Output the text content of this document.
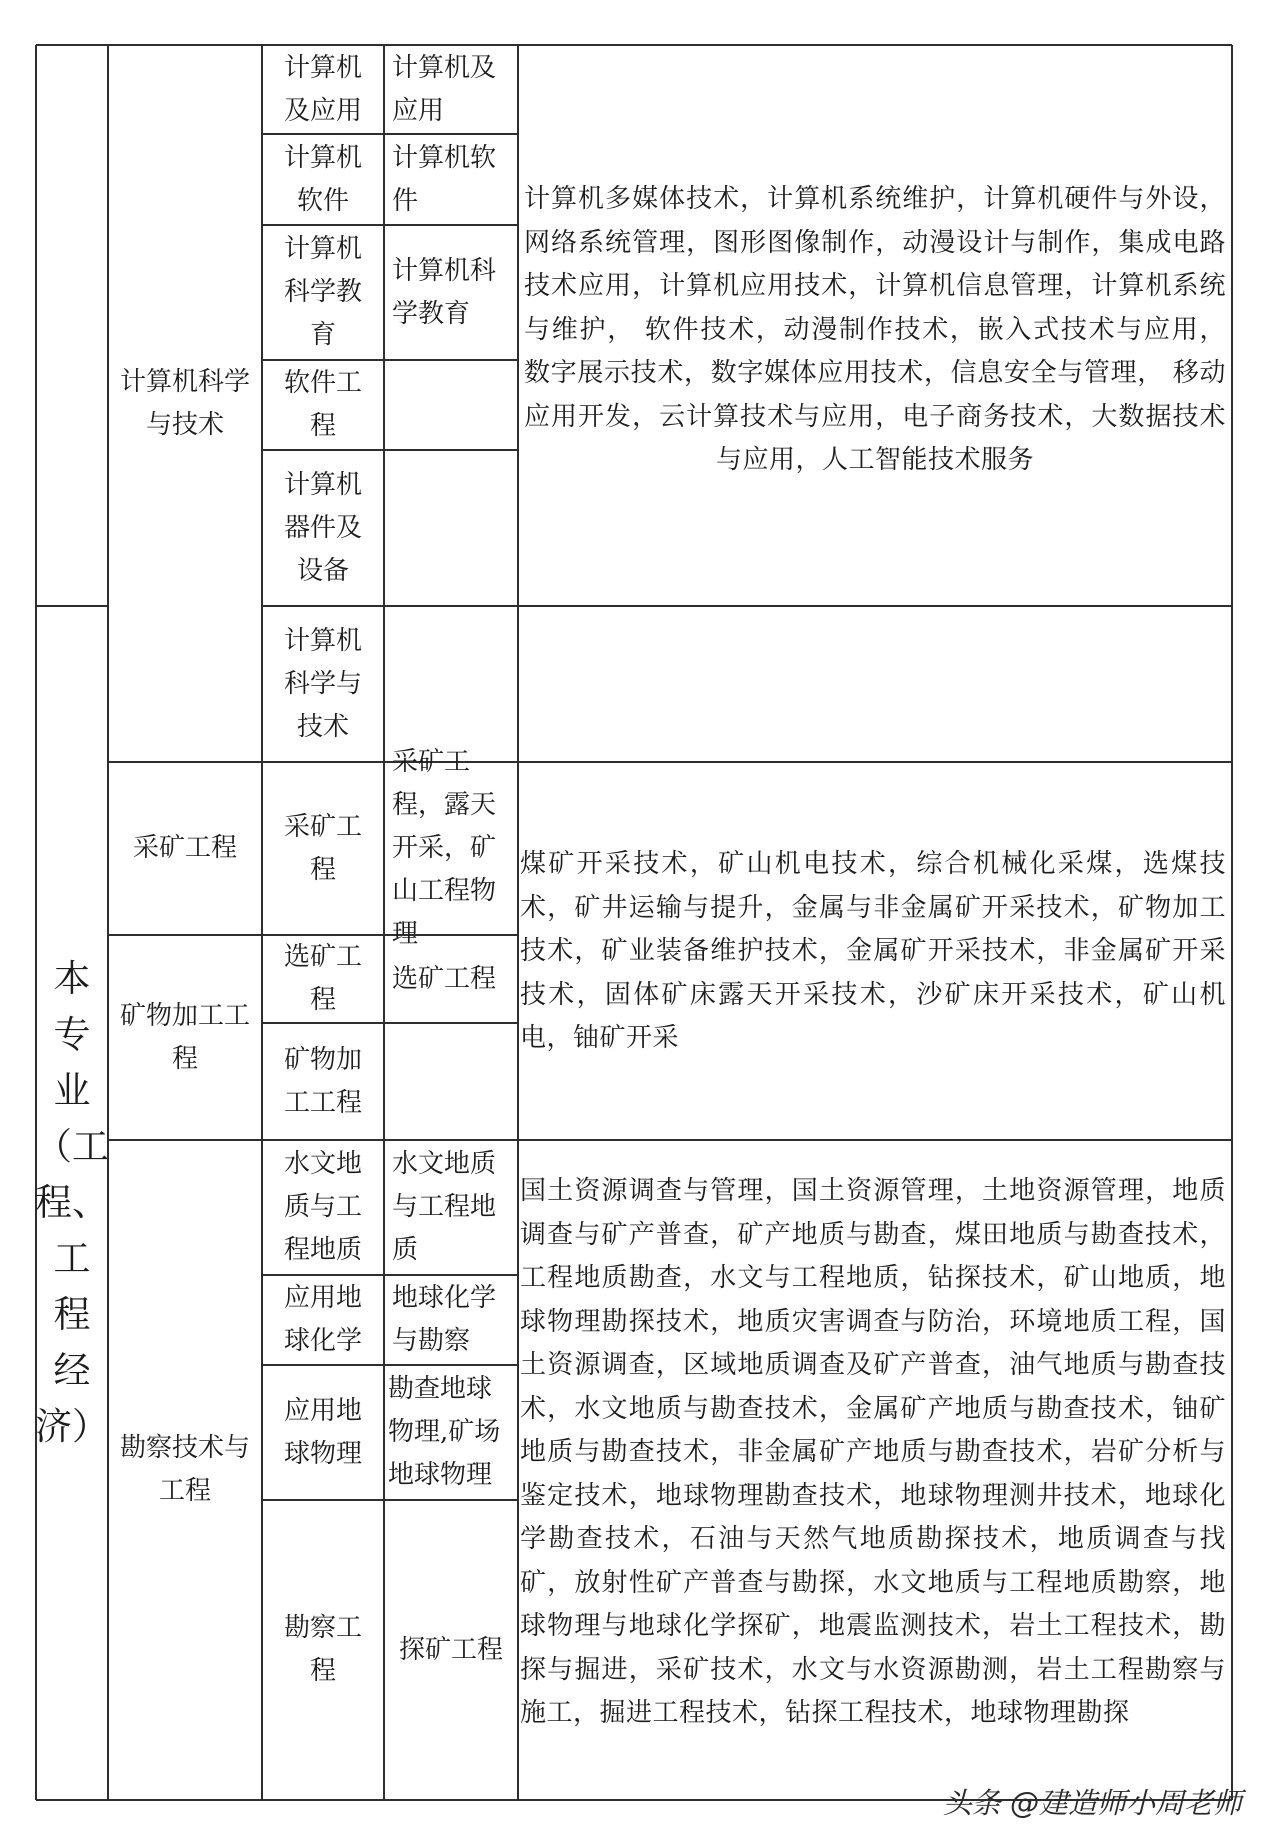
本
专
业
（工
程、
工
程
经
济）
计算机科学与技术
计算机及应用
计算机及应用
计算机软件
计算机软件
计算机科学教育
计算机科学教育
软件工程
计算机器件及设备
计算机科学与技术
计算机多媒体技术，计算机系统维护，计算机硬件与外设，网络系统管理，图形图像制作，动漫设计与制作，集成电路技术应用，计算机应用技术，计算机信息管理，计算机系统与维护， 软件技术，动漫制作技术，嵌入式技术与应用， 数字展示技术，数字媒体应用技术，信息安全与管理， 移动应用开发，云计算技术与应用，电子商务技术，大数据技术与应用，人工智能技术服务
采矿工程
采矿工程
采矿工程，露天开采，矿山工程物理
矿物加工工程
选矿工程
选矿工程
矿物加工工程
煤矿开采技术，矿山机电技术，综合机械化采煤，选煤技术，矿井运输与提升，金属与非金属矿开采技术，矿物加工技术，矿业装备维护技术，金属矿开采技术，非金属矿开采技术，固体矿床露天开采技术，沙矿床开采技术，矿山机电，铀矿开采
勘察技术与工程
水文地质与工程地质
水文地质与工程地质
应用地球化学
地球化学与勘察
应用地球物理
勘查地球物理,矿场地球物理
勘察工程
探矿工程
国土资源调查与管理，国土资源管理，土地资源管理，地质调查与矿产普查，矿产地质与勘查，煤田地质与勘查技术，工程地质勘查，水文与工程地质，钻探技术，矿山地质，地球物理勘探技术，地质灾害调查与防治，环境地质工程，国土资源调查，区域地质调查及矿产普查，油气地质与勘查技术，水文地质与勘查技术，金属矿产地质与勘查技术，铀矿地质与勘查技术，非金属矿产地质与勘查技术，岩矿分析与鉴定技术，地球物理勘查技术，地球物理测井技术，地球化学勘查技术，石油与天然气地质勘探技术，地质调查与找矿，放射性矿产普查与勘探，水文地质与工程地质勘察，地球物理与地球化学探矿，地震监测技术，岩土工程技术，勘探与掘进，采矿技术，水文与水资源勘测，岩土工程勘察与施工，掘进工程技术，钻探工程技术，地球物理勘探
头条 @建造师小周老师
